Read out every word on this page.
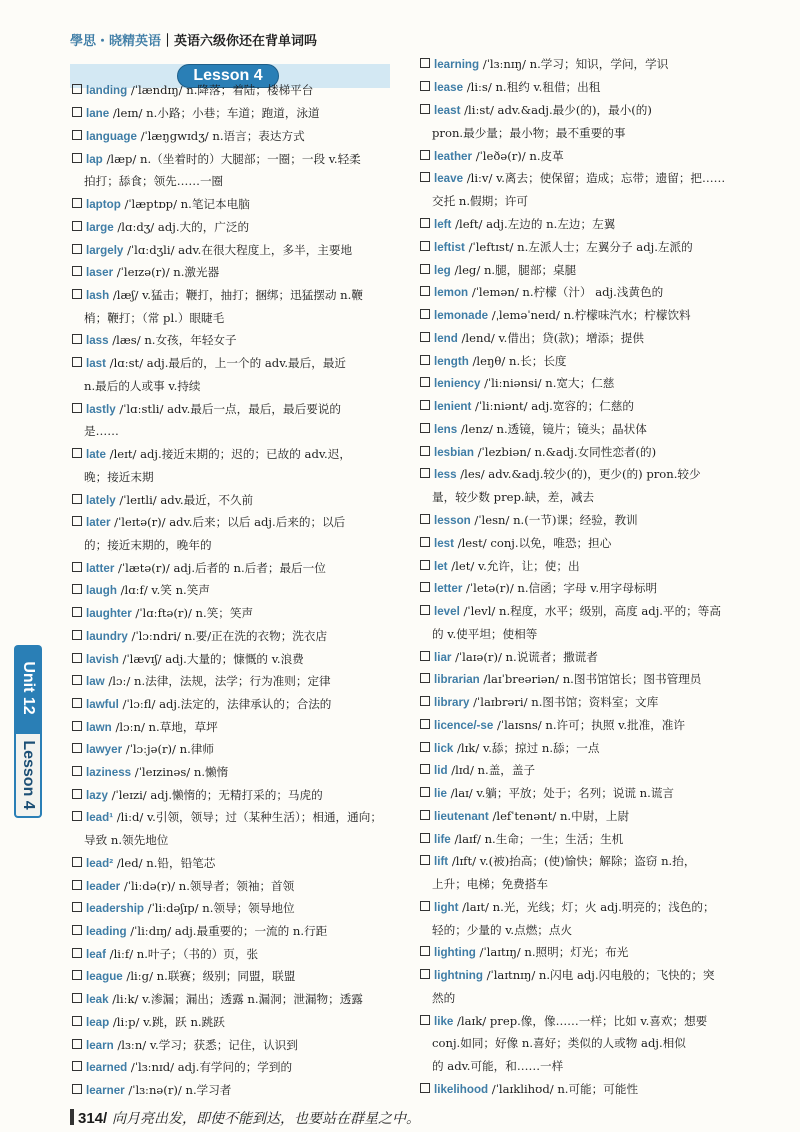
學思・晓精英语｜英语六级你还在背单词吗
Lesson 4
landing /ˈlændɪŋ/ n.降落；着陆；楼梯平台
lane /leɪn/ n.小路；小巷；车道；跑道，泳道
language /ˈlæŋgwɪdʒ/ n.语言；表达方式
lap /læp/ n.（坐着时的）大腿部；一圈；一段 v.轻柔
拍打；舔食；领先……一圈
laptop /ˈlæptɒp/ n.笔记本电脑
large /lɑːdʒ/ adj.大的，广泛的
largely /ˈlɑːdʒli/ adv.在很大程度上，多半，主要地
laser /ˈleɪzə(r)/ n.激光器
lash /læʃ/ v.猛击；鞭打，抽打；捆绑；迅猛摆动 n.鞭
梢；鞭打；（常 pl.）眼睫毛
lass /læs/ n.女孩，年轻女子
last /lɑːst/ adj.最后的，上一个的 adv.最后，最近
n.最后的人或事 v.持续
lastly /ˈlɑːstli/ adv.最后一点，最后，最后要说的
是……
late /leɪt/ adj.接近末期的；迟的；已故的 adv.迟，
晚；接近末期
lately /ˈleɪtli/ adv.最近，不久前
later /ˈleɪtə(r)/ adv.后来；以后 adj.后来的；以后
的；接近末期的，晚年的
latter /ˈlætə(r)/ adj.后者的 n.后者；最后一位
laugh /lɑːf/ v.笑 n.笑声
laughter /ˈlɑːftə(r)/ n.笑；笑声
laundry /ˈlɔːndri/ n.要/正在洗的衣物；洗衣店
lavish /ˈlævɪʃ/ adj.大量的；慷慨的 v.浪费
law /lɔː/ n.法律，法规，法学；行为准则；定律
lawful /ˈlɔːfl/ adj.法定的，法律承认的；合法的
lawn /lɔːn/ n.草地，草坪
lawyer /ˈlɔːjə(r)/ n.律师
laziness /ˈleɪzinəs/ n.懒惰
lazy /ˈleɪzi/ adj.懒惰的；无精打采的；马虎的
lead¹ /liːd/ v.引领，领导；过（某种生活）；相通，通向；
导致 n.领先地位
lead² /led/ n.铅，铅笔芯
leader /ˈliːdə(r)/ n.领导者；领袖；首领
leadership /ˈliːdəʃɪp/ n.领导；领导地位
leading /ˈliːdɪŋ/ adj.最重要的；一流的 n.行距
leaf /liːf/ n.叶子；（书的）页，张
league /liːg/ n.联赛；级别；同盟，联盟
leak /liːk/ v.渗漏；漏出；透露 n.漏洞；泄漏物；透露
leap /liːp/ v.跳，跃 n.跳跃
learn /lɜːn/ v.学习；获悉；记住，认识到
learned /ˈlɜːnɪd/ adj.有学问的；学到的
learner /ˈlɜːnə(r)/ n.学习者
learning /ˈlɜːnɪŋ/ n.学习；知识，学问，学识
lease /liːs/ n.租约 v.租借；出租
least /liːst/ adv.&adj.最少(的)，最小(的)
pron.最少量；最小物；最不重要的事
leather /ˈleðə(r)/ n.皮革
leave /liːv/ v.离去；使保留；造成；忘带；遗留；把……
交托 n.假期；许可
left /left/ adj.左边的 n.左边；左翼
leftist /ˈleftɪst/ n.左派人士；左翼分子 adj.左派的
leg /leg/ n.腿，腿部；桌腿
lemon /ˈlemən/ n.柠檬（汁） adj.浅黄色的
lemonade /ˌleməˈneɪd/ n.柠檬味汽水；柠檬饮料
lend /lend/ v.借出；贷(款)；增添；提供
length /leŋθ/ n.长；长度
leniency /ˈliːniənsi/ n.宽大；仁慈
lenient /ˈliːniənt/ adj.宽容的；仁慈的
lens /lenz/ n.透镜，镜片；镜头；晶状体
lesbian /ˈlezbiən/ n.&adj.女同性恋者(的)
less /les/ adv.&adj.较少(的)，更少(的) pron.较少
量，较少数 prep.缺，差，减去
lesson /ˈlesn/ n.(一节)课；经验，教训
lest /lest/ conj.以免，唯恐；担心
let /let/ v.允许，让；使；出
letter /ˈletə(r)/ n.信函；字母 v.用字母标明
level /ˈlevl/ n.程度，水平；级别，高度 adj.平的；等高
的 v.使平坦；使相等
liar /ˈlaɪə(r)/ n.说谎者；撒谎者
librarian /laɪˈbreəriən/ n.图书馆馆长；图书管理员
library /ˈlaɪbrəri/ n.图书馆；资料室；文库
licence/-se /ˈlaɪsns/ n.许可；执照 v.批准，准许
lick /lɪk/ v.舔；掠过 n.舔；一点
lid /lɪd/ n.盖，盖子
lie /laɪ/ v.躺；平放；处于；名列；说谎 n.谎言
lieutenant /lefˈtenənt/ n.中尉，上尉
life /laɪf/ n.生命；一生；生活；生机
lift /lɪft/ v.(被)抬高；(使)愉快；解除；盗窃 n.抬，
上升；电梯；免费搭车
light /laɪt/ n.光，光线；灯；火 adj.明亮的；浅色的；
轻的；少量的 v.点燃；点火
lighting /ˈlaɪtɪŋ/ n.照明；灯光；布光
lightning /ˈlaɪtnɪŋ/ n.闪电 adj.闪电般的；飞快的；突
然的
like /laɪk/ prep.像，像……一样；比如 v.喜欢；想要
conj.如同；好像 n.喜好；类似的人或物 adj.相似
的 adv.可能，和……一样
likelihood /ˈlaɪklihʊd/ n.可能；可能性
Unit 12
Lesson 4
314/ 向月亮出发，即使不能到达，也要站在群星之中。
